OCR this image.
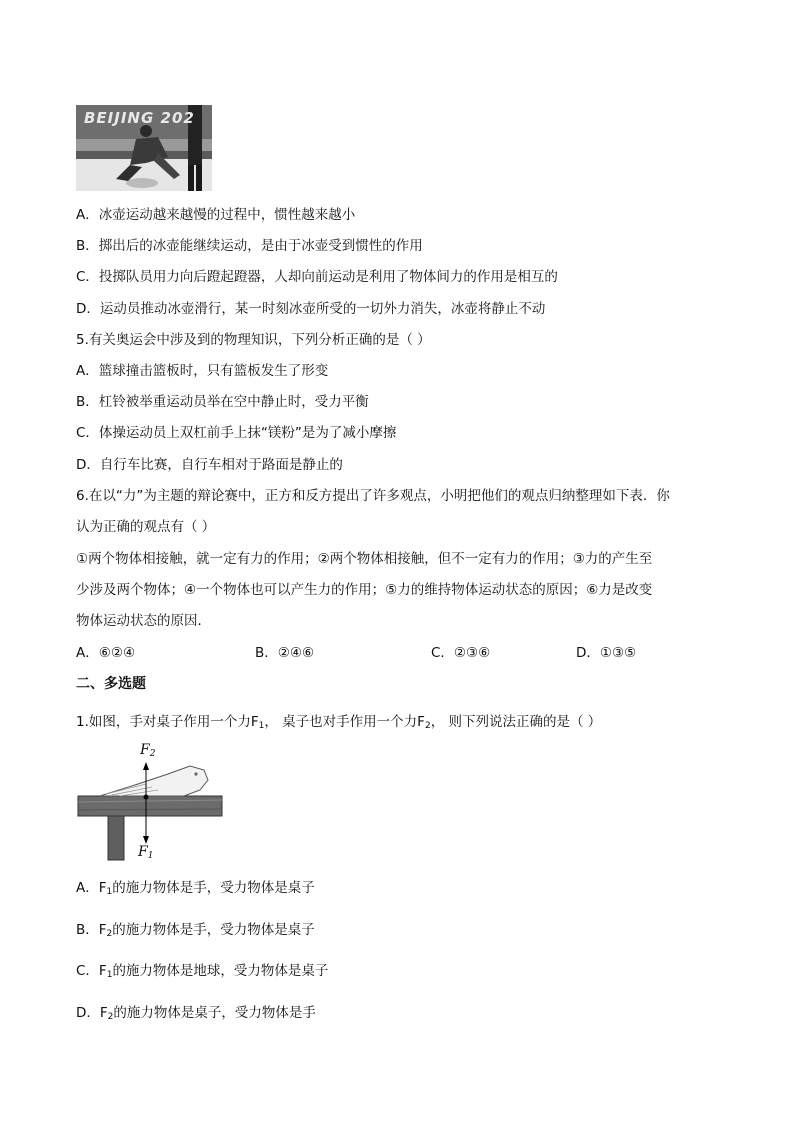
BEIJING 202
A．冰壶运动越来越慢的过程中，惯性越来越小
B．掷出后的冰壶能继续运动，是由于冰壶受到惯性的作用
C．投掷队员用力向后蹬起蹬器，人却向前运动是利用了物体间力的作用是相互的
D．运动员推动冰壶滑行，某一时刻冰壶所受的一切外力消失，冰壶将静止不动
5.有关奥运会中涉及到的物理知识，下列分析正确的是（ ）
A．篮球撞击篮板时，只有篮板发生了形变
B．杠铃被举重运动员举在空中静止时，受力平衡
C．体操运动员上双杠前手上抹“镁粉”是为了减小摩擦
D．自行车比赛，自行车相对于路面是静止的
6.在以“力”为主题的辩论赛中，正方和反方提出了许多观点，小明把他们的观点归纳整理如下表．你
认为正确的观点有（ ）
①两个物体相接触，就一定有力的作用；②两个物体相接触，但不一定有力的作用；③力的产生至
少涉及两个物体；④一个物体也可以产生力的作用；⑤力的维持物体运动状态的原因；⑥力是改变
物体运动状态的原因．
A．⑥②④	B．②④⑥	C．②③⑥	D．①③⑤
二、多选题
1.如图，手对桌子作用一个力$F_1$， 桌子也对手作用一个力$F_2$， 则下列说法正确的是（ ）
$F_2$
$F_1$
A．$F_1$的施力物体是手，受力物体是桌子
B．$F_2$的施力物体是手，受力物体是桌子
C．$F_1$的施力物体是地球，受力物体是桌子
D．$F_2$的施力物体是桌子，受力物体是手
